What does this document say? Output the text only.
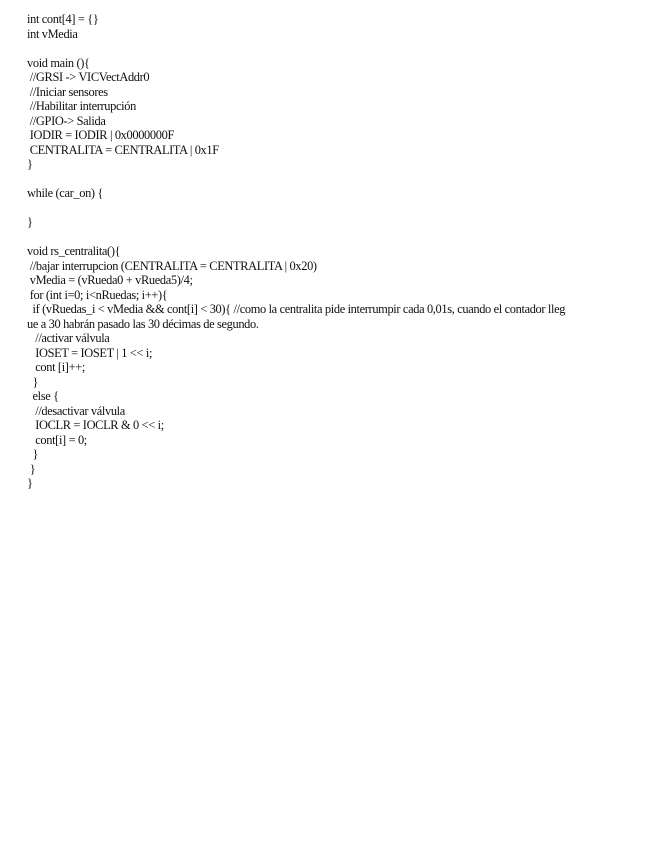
int cont[4] = {}
int vMedia
void main (){
//GRSI -> VICVectAddr0
//Iniciar sensores
//Habilitar interrupción
//GPIO-> Salida
IODIR = IODIR | 0x0000000F
CENTRALITA = CENTRALITA | 0x1F
}
while (car_on) {
}
void rs_centralita(){
//bajar interrupcion (CENTRALITA = CENTRALITA | 0x20)
vMedia = (vRueda0 + vRueda5)/4;
for (int i=0; i<nRuedas; i++){
if (vRuedas_i < vMedia && cont[i] < 30){ //como la centralita pide interrumpir cada 0,01s, cuando el contador lleg
ue a 30 habrán pasado las 30 décimas de segundo.
//activar válvula
IOSET = IOSET | 1 << i;
cont [i]++;
}
else {
//desactivar válvula
IOCLR = IOCLR & 0 << i;
cont[i] = 0;
}
}
}
